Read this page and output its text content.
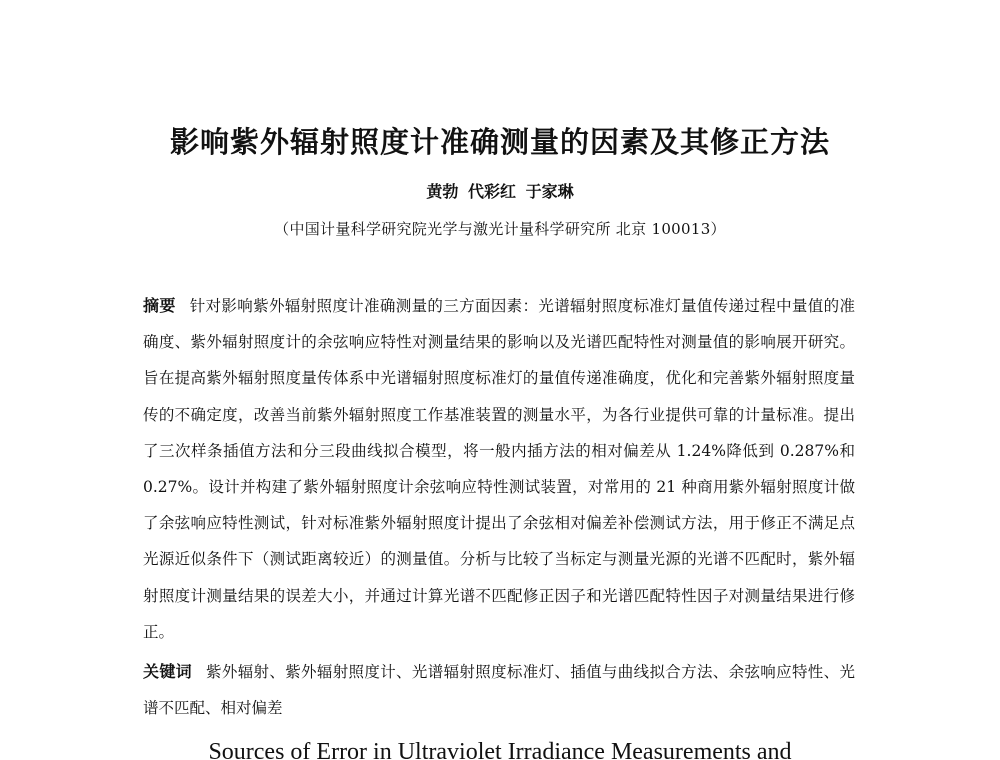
影响紫外辐射照度计准确测量的因素及其修正方法
黄勃 代彩红 于家琳
（中国计量科学研究院光学与激光计量科学研究所 北京 100013）

摘要 针对影响紫外辐射照度计准确测量的三方面因素：光谱辐射照度标准灯量值传递过程中量值的准确度、紫外辐射照度计的余弦响应特性对测量结果的影响以及光谱匹配特性对测量值的影响展开研究。旨在提高紫外辐射照度量传体系中光谱辐射照度标准灯的量值传递准确度，优化和完善紫外辐射照度量传的不确定度，改善当前紫外辐射照度工作基准装置的测量水平，为各行业提供可靠的计量标准。提出了三次样条插值方法和分三段曲线拟合模型，将一般内插方法的相对偏差从 1.24%降低到 0.287%和 0.27%。设计并构建了紫外辐射照度计余弦响应特性测试装置，对常用的 21 种商用紫外辐射照度计做了余弦响应特性测试，针对标准紫外辐射照度计提出了余弦相对偏差补偿测试方法，用于修正不满足点光源近似条件下（测试距离较近）的测量值。分析与比较了当标定与测量光源的光谱不匹配时，紫外辐射照度计测量结果的误差大小，并通过计算光谱不匹配修正因子和光谱匹配特性因子对测量结果进行修正。

关键词 紫外辐射、紫外辐射照度计、光谱辐射照度标准灯、插值与曲线拟合方法、余弦响应特性、光谱不匹配、相对偏差

Sources of Error in Ultraviolet Irradiance Measurements and
